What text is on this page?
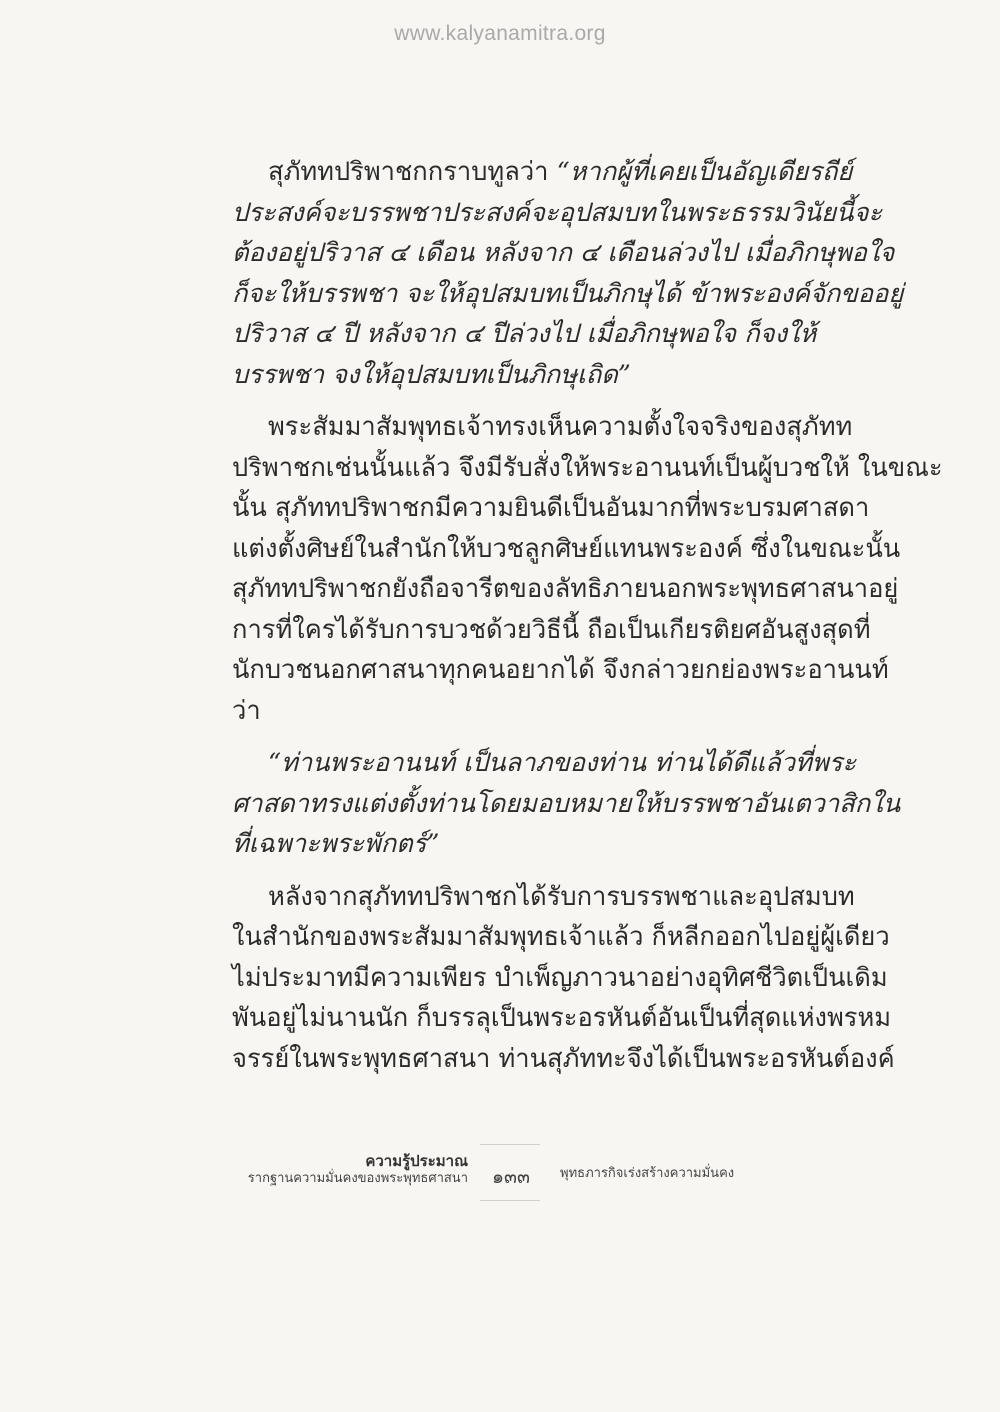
www.kalyanamitra.org

สุภัททปริพาชกกราบทูลว่า “หากผู้ที่เคยเป็นอัญเดียรถีย์
ประสงค์จะบรรพชาประสงค์จะอุปสมบทในพระธรรมวินัยนี้จะ
ต้องอยู่ปริวาส ๔ เดือน หลังจาก ๔ เดือนล่วงไป เมื่อภิกษุพอใจ
ก็จะให้บรรพชา จะให้อุปสมบทเป็นภิกษุได้ ข้าพระองค์จักขออยู่
ปริวาส ๔ ปี หลังจาก ๔ ปีล่วงไป เมื่อภิกษุพอใจ ก็จงให้
บรรพชา จงให้อุปสมบทเป็นภิกษุเถิด”

พระสัมมาสัมพุทธเจ้าทรงเห็นความตั้งใจจริงของสุภัทท
ปริพาชกเช่นนั้นแล้ว จึงมีรับสั่งให้พระอานนท์เป็นผู้บวชให้ ในขณะ
นั้น สุภัททปริพาชกมีความยินดีเป็นอันมากที่พระบรมศาสดา
แต่งตั้งศิษย์ในสำนักให้บวชลูกศิษย์แทนพระองค์ ซึ่งในขณะนั้น
สุภัททปริพาชกยังถือจารีตของลัทธิภายนอกพระพุทธศาสนาอยู่
การที่ใครได้รับการบวชด้วยวิธีนี้ ถือเป็นเกียรติยศอันสูงสุดที่
นักบวชนอกศาสนาทุกคนอยากได้ จึงกล่าวยกย่องพระอานนท์
ว่า

“ท่านพระอานนท์ เป็นลาภของท่าน ท่านได้ดีแล้วที่พระ
ศาสดาทรงแต่งตั้งท่านโดยมอบหมายให้บรรพชาอันเตวาสิกใน
ที่เฉพาะพระพักตร์”

หลังจากสุภัททปริพาชกได้รับการบรรพชาและอุปสมบท
ในสำนักของพระสัมมาสัมพุทธเจ้าแล้ว ก็หลีกออกไปอยู่ผู้เดียว
ไม่ประมาทมีความเพียร บำเพ็ญภาวนาอย่างอุทิศชีวิตเป็นเดิม
พันอยู่ไม่นานนัก ก็บรรลุเป็นพระอรหันต์อันเป็นที่สุดแห่งพรหม
จรรย์ในพระพุทธศาสนา ท่านสุภัททะจึงได้เป็นพระอรหันต์องค์

ความรู้ประมาณ
รากฐานความมั่นคงของพระพุทธศาสนา ๑๓๓ พุทธภารกิจเร่งสร้างความมั่นคง
